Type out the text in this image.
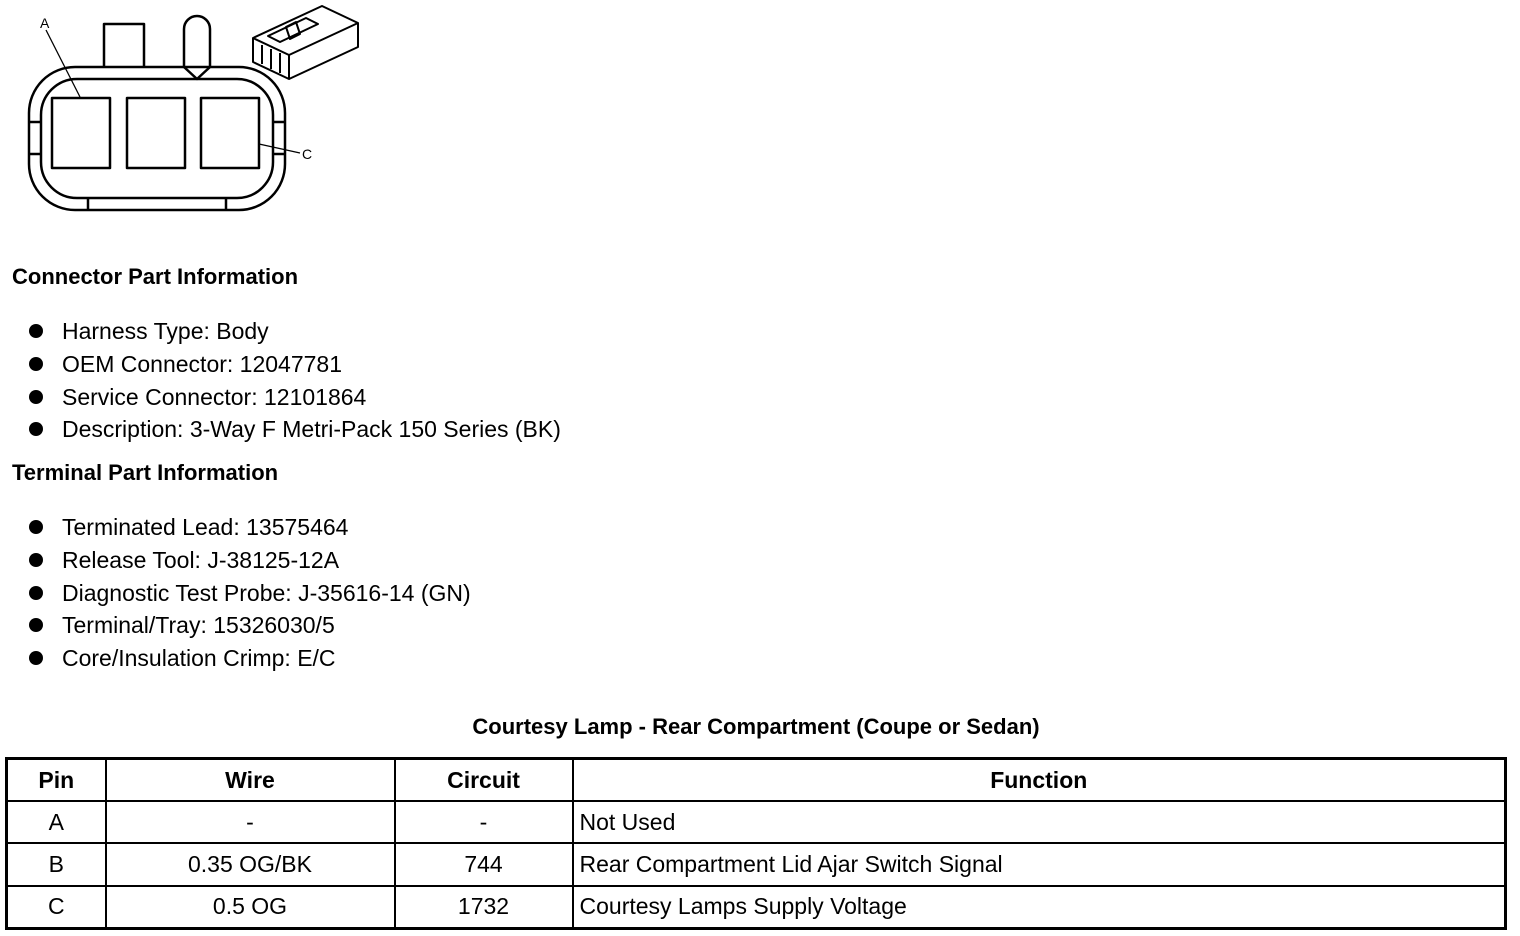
A
C
Connector Part Information
Harness Type: Body
OEM Connector: 12047781
Service Connector: 12101864
Description: 3-Way F Metri-Pack 150 Series (BK)
Terminal Part Information
Terminated Lead: 13575464
Release Tool: J-38125-12A
Diagnostic Test Probe: J-35616-14 (GN)
Terminal/Tray: 15326030/5
Core/Insulation Crimp: E/C
Courtesy Lamp - Rear Compartment (Coupe or Sedan)
Pin	Wire	Circuit	Function
A	-	-	Not Used
B	0.35 OG/BK	744	Rear Compartment Lid Ajar Switch Signal
C	0.5 OG	1732	Courtesy Lamps Supply Voltage
